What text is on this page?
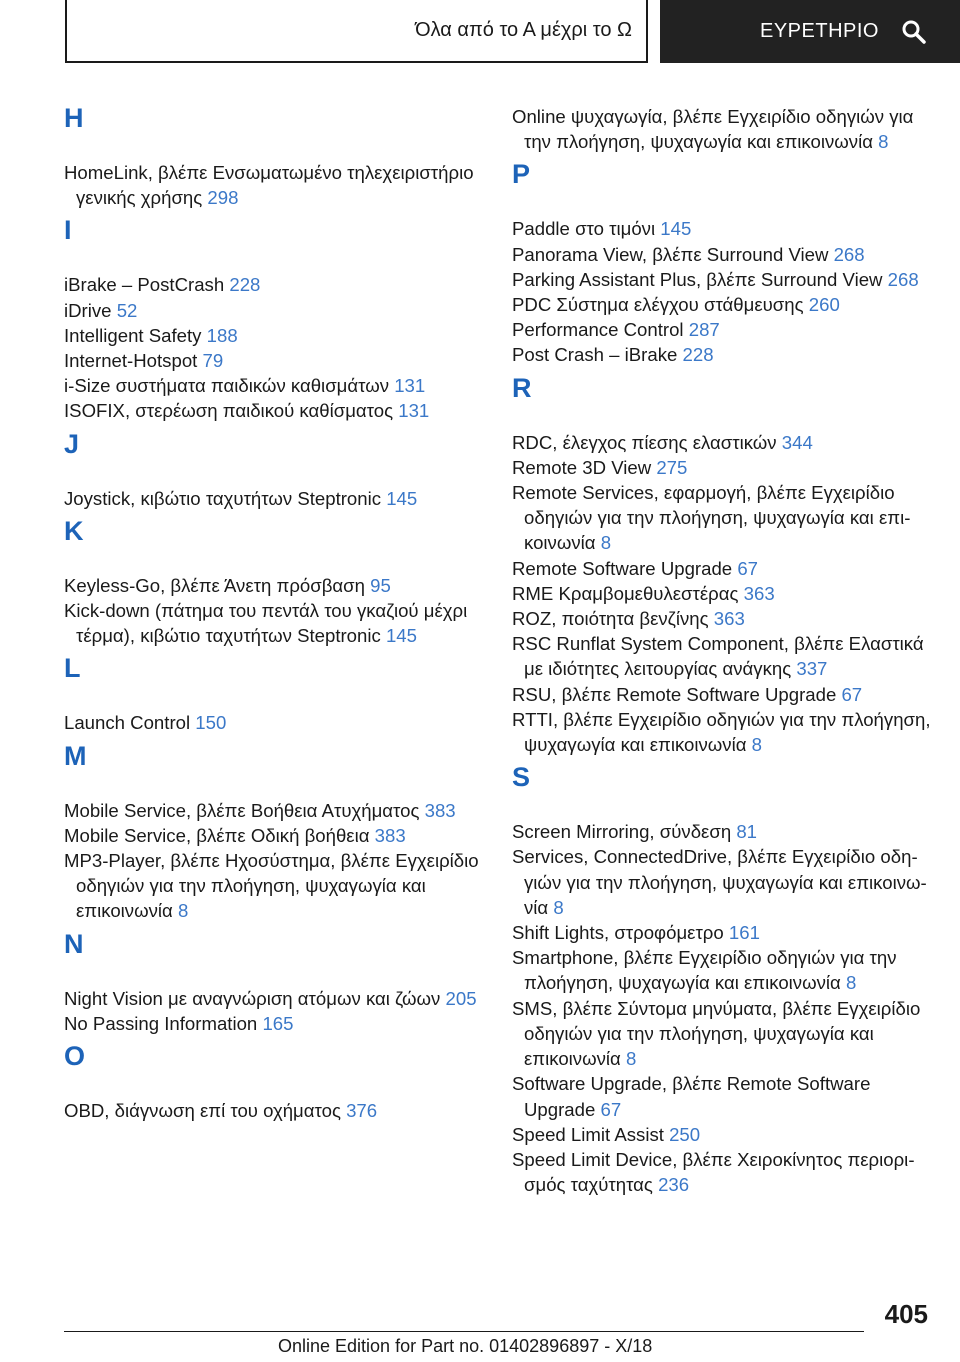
Όλα από το Α μέχρι το Ω	ΕΥΡΕΤΗΡΙΟ
H
HomeLink, βλέπε Ενσωματωμένο τηλεχειριστήριο γενικής χρήσης 298
I
iBrake – PostCrash 228
iDrive 52
Intelligent Safety 188
Internet-Hotspot 79
i-Size συστήματα παιδικών καθισμάτων 131
ISOFIX, στερέωση παιδικού καθίσματος 131
J
Joystick, κιβώτιο ταχυτήτων Steptronic 145
K
Keyless-Go, βλέπε Άνετη πρόσβαση 95
Kick-down (πάτημα του πεντάλ του γκαζιού μέχρι τέρμα), κιβώτιο ταχυτήτων Steptronic 145
L
Launch Control 150
M
Mobile Service, βλέπε Βοήθεια Ατυχήματος 383
Mobile Service, βλέπε Οδική βοήθεια 383
MP3-Player, βλέπε Ηχοσύστημα, βλέπε Εγχειρίδιο οδηγιών για την πλοήγηση, ψυχαγωγία και επικοινωνία 8
N
Night Vision με αναγνώριση ατόμων και ζώων 205
No Passing Information 165
O
OBD, διάγνωση επί του οχήματος 376
Online ψυχαγωγία, βλέπε Εγχειρίδιο οδηγιών για την πλοήγηση, ψυχαγωγία και επικοινωνία 8
P
Paddle στο τιμόνι 145
Panorama View, βλέπε Surround View 268
Parking Assistant Plus, βλέπε Surround View 268
PDC Σύστημα ελέγχου στάθμευσης 260
Performance Control 287
Post Crash – iBrake 228
R
RDC, έλεγχος πίεσης ελαστικών 344
Remote 3D View 275
Remote Services, εφαρμογή, βλέπε Εγχειρίδιο οδηγιών για την πλοήγηση, ψυχαγωγία και επικοινωνία 8
Remote Software Upgrade 67
RME Κραμβομεθυλεστέρας 363
ROZ, ποιότητα βενζίνης 363
RSC Runflat System Component, βλέπε Ελαστικά με ιδιότητες λειτουργίας ανάγκης 337
RSU, βλέπε Remote Software Upgrade 67
RTTI, βλέπε Εγχειρίδιο οδηγιών για την πλοήγηση, ψυχαγωγία και επικοινωνία 8
S
Screen Mirroring, σύνδεση 81
Services, ConnectedDrive, βλέπε Εγχειρίδιο οδηγιών για την πλοήγηση, ψυχαγωγία και επικοινωνία 8
Shift Lights, στροφόμετρο 161
Smartphone, βλέπε Εγχειρίδιο οδηγιών για την πλοήγηση, ψυχαγωγία και επικοινωνία 8
SMS, βλέπε Σύντομα μηνύματα, βλέπε Εγχειρίδιο οδηγιών για την πλοήγηση, ψυχαγωγία και επικοινωνία 8
Software Upgrade, βλέπε Remote Software Upgrade 67
Speed Limit Assist 250
Speed Limit Device, βλέπε Χειροκίνητος περιορισμός ταχύτητας 236
405
Online Edition for Part no. 01402896897 - X/18
